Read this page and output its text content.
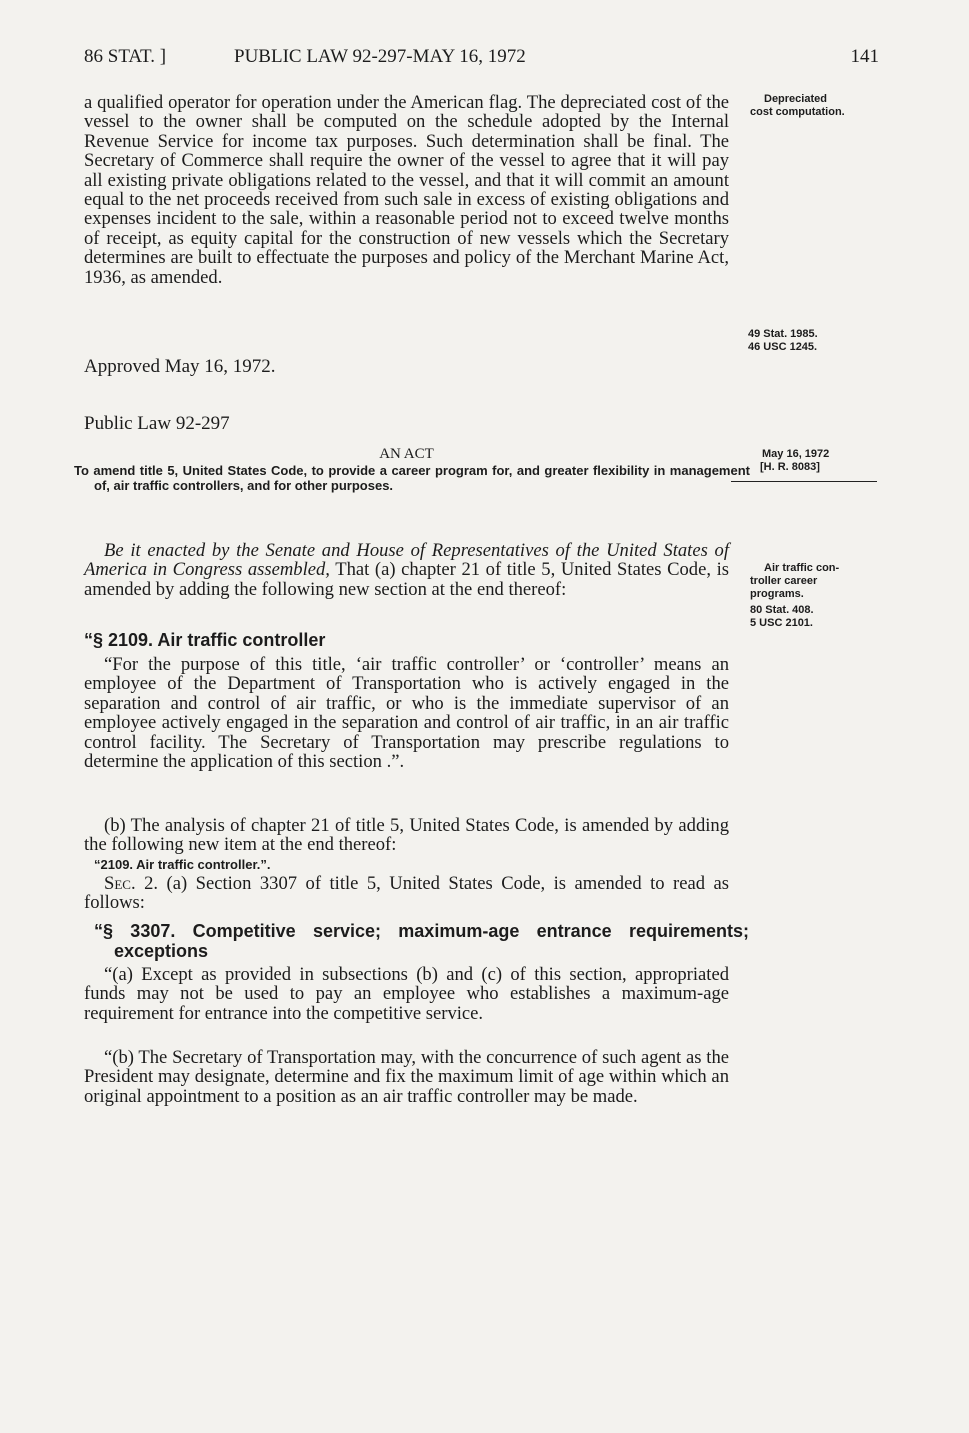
86 STAT. ]	PUBLIC LAW 92-297-MAY 16, 1972	141

a qualified operator for operation under the American flag. The depreciated cost of the vessel to the owner shall be computed on the schedule adopted by the Internal Revenue Service for income tax purposes. Such determination shall be final. The Secretary of Commerce shall require the owner of the vessel to agree that it will pay all existing private obligations related to the vessel, and that it will commit an amount equal to the net proceeds received from such sale in excess of existing obligations and expenses incident to the sale, within a reasonable period not to exceed twelve months of receipt, as equity capital for the construction of new vessels which the Secretary determines are built to effectuate the purposes and policy of the Merchant Marine Act, 1936, as amended.

Approved May 16, 1972.
Public Law 92-297
AN ACT
To amend title 5, United States Code, to provide a career program for, and greater flexibility in management of, air traffic controllers, and for other purposes.

Be it enacted by the Senate and House of Representatives of the United States of America in Congress assembled, That (a) chapter 21 of title 5, United States Code, is amended by adding the following new section at the end thereof:

“§ 2109. Air traffic controller

“For the purpose of this title, ‘air traffic controller’ or ‘controller’ means an employee of the Department of Transportation who is actively engaged in the separation and control of air traffic, or who is the immediate supervisor of an employee actively engaged in the separation and control of air traffic, in an air traffic control facility. The Secretary of Transportation may prescribe regulations to determine the application of this section .”.

(b) The analysis of chapter 21 of title 5, United States Code, is amended by adding the following new item at the end thereof:

“2109. Air traffic controller.”.

Sec. 2. (a) Section 3307 of title 5, United States Code, is amended to read as follows:

“§ 3307. Competitive service; maximum-age entrance requirements; exceptions

“(a) Except as provided in subsections (b) and (c) of this section, appropriated funds may not be used to pay an employee who establishes a maximum-age requirement for entrance into the competitive service.

“(b) The Secretary of Transportation may, with the concurrence of such agent as the President may designate, determine and fix the maximum limit of age within which an original appointment to a position as an air traffic controller may be made.

Depreciated
cost computation.
49 Stat. 1985.
46 USC 1245.
May 16, 1972
[H. R. 8083]
Air traffic con-
troller career
programs.
80 Stat. 408.
5 USC 2101.
